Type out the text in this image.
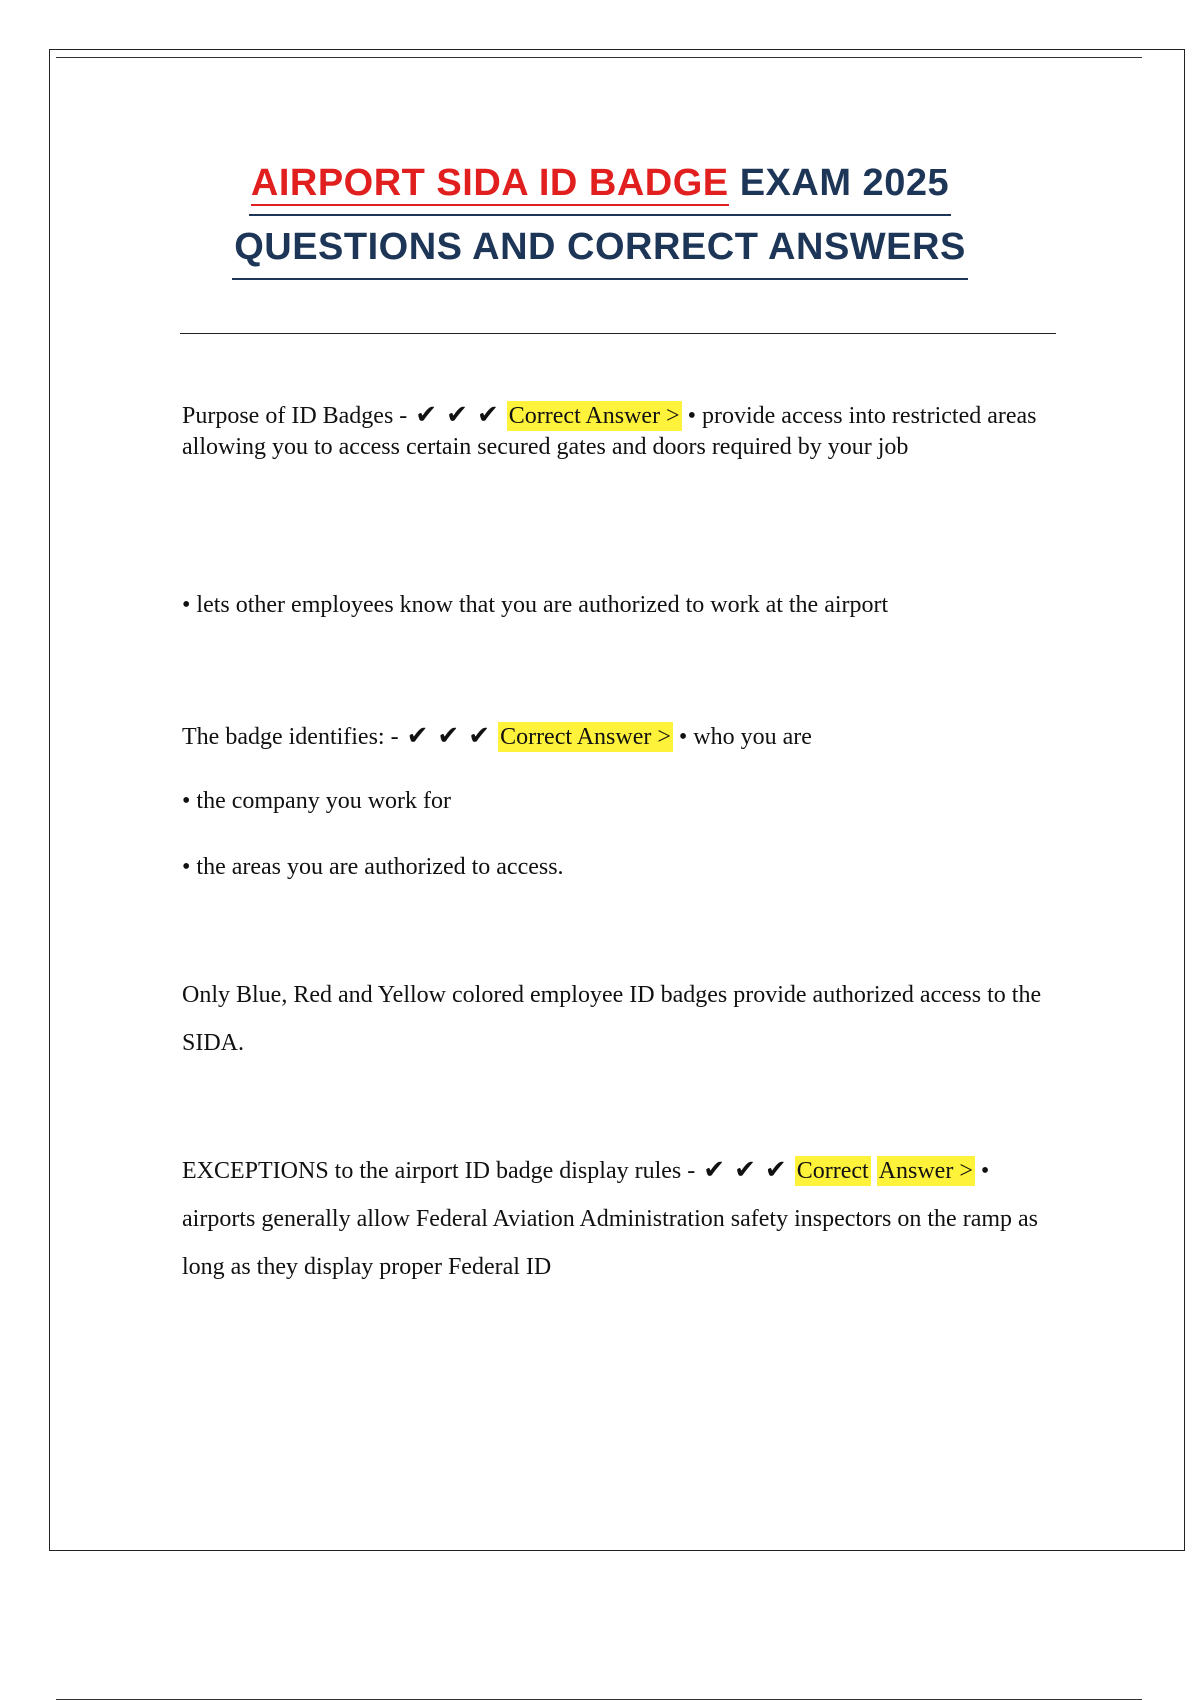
AIRPORT SIDA ID BADGE EXAM 2025
QUESTIONS AND CORRECT ANSWERS
Purpose of ID Badges - ✔ ✔ ✔ Correct Answer > • provide access into restricted areas allowing you to access certain secured gates and doors required by your job
• lets other employees know that you are authorized to work at the airport
The badge identifies: - ✔ ✔ ✔ Correct Answer > • who you are
• the company you work for
• the areas you are authorized to access.
Only Blue, Red and Yellow colored employee ID badges provide authorized access to the SIDA.
EXCEPTIONS to the airport ID badge display rules - ✔ ✔ ✔ Correct Answer > • airports generally allow Federal Aviation Administration safety inspectors on the ramp as long as they display proper Federal ID
